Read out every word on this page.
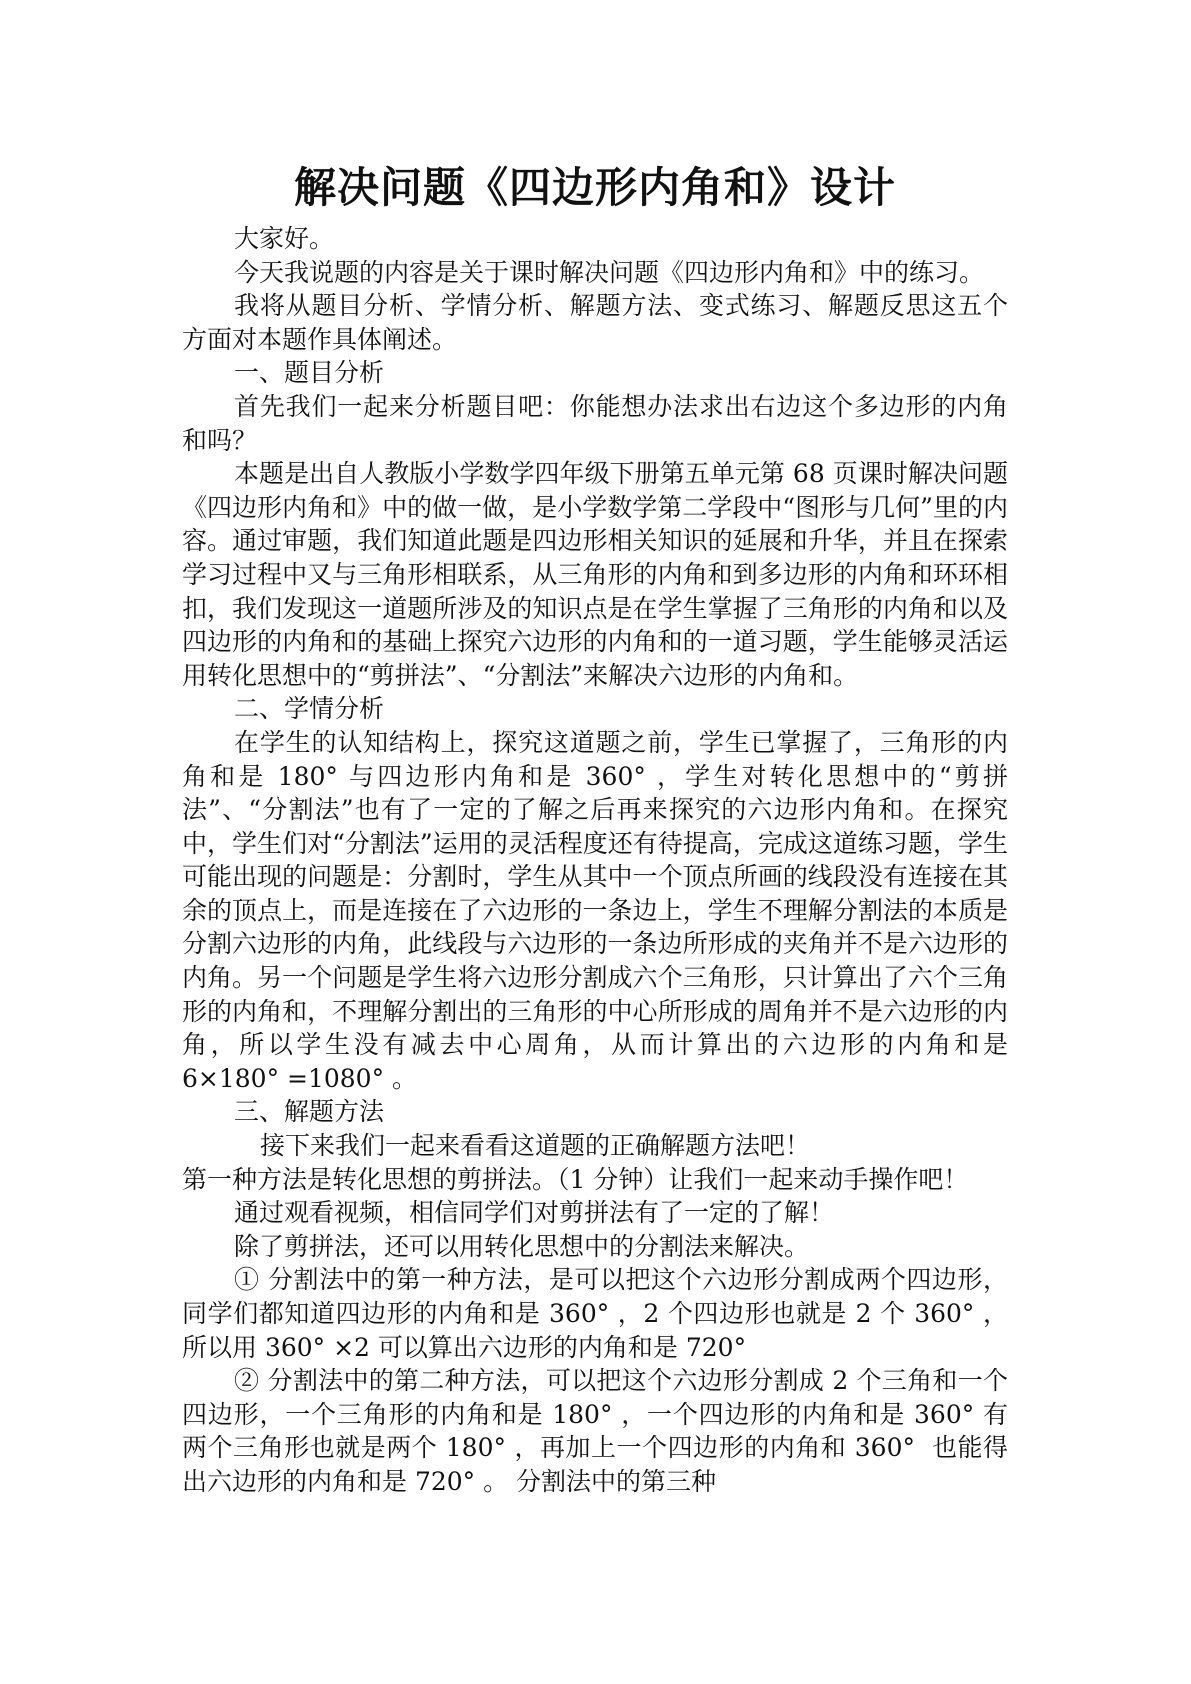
解决问题《四边形内角和》设计

大家好。

今天我说题的内容是关于课时解决问题《四边形内角和》中的练习。

我将从题目分析、学情分析、解题方法、变式练习、解题反思这五个方面对本题作具体阐述。

一、题目分析

首先我们一起来分析题目吧：你能想办法求出右边这个多边形的内角和吗？

本题是出自人教版小学数学四年级下册第五单元第 68 页课时解决问题《四边形内角和》中的做一做，是小学数学第二学段中“图形与几何”里的内容。通过审题，我们知道此题是四边形相关知识的延展和升华，并且在探索学习过程中又与三角形相联系，从三角形的内角和到多边形的内角和环环相扣，我们发现这一道题所涉及的知识点是在学生掌握了三角形的内角和以及四边形的内角和的基础上探究六边形的内角和的一道习题，学生能够灵活运用转化思想中的“剪拼法”、“分割法”来解决六边形的内角和。

二、学情分析

在学生的认知结构上，探究这道题之前，学生已掌握了，三角形的内角和是 180° 与四边形内角和是 360° ，学生对转化思想中的“剪拼法”、“分割法”也有了一定的了解之后再来探究的六边形内角和。在探究中，学生们对“分割法”运用的灵活程度还有待提高，完成这道练习题，学生可能出现的问题是：分割时，学生从其中一个顶点所画的线段没有连接在其余的顶点上，而是连接在了六边形的一条边上，学生不理解分割法的本质是分割六边形的内角，此线段与六边形的一条边所形成的夹角并不是六边形的内角。另一个问题是学生将六边形分割成六个三角形，只计算出了六个三角形的内角和，不理解分割出的三角形的中心所形成的周角并不是六边形的内角，所以学生没有减去中心周角，从而计算出的六边形的内角和是 6×180° =1080° 。

三、解题方法

接下来我们一起来看看这道题的正确解题方法吧！

第一种方法是转化思想的剪拼法。（1 分钟）让我们一起来动手操作吧！

通过观看视频，相信同学们对剪拼法有了一定的了解！

除了剪拼法，还可以用转化思想中的分割法来解决。

① 分割法中的第一种方法，是可以把这个六边形分割成两个四边形，同学们都知道四边形的内角和是 360° ，2 个四边形也就是 2 个 360° ，所以用 360° ×2 可以算出六边形的内角和是 720°

② 分割法中的第二种方法，可以把这个六边形分割成 2 个三角和一个四边形，一个三角形的内角和是 180° ，一个四边形的内角和是 360° 有两个三角形也就是两个 180° ，再加上一个四边形的内角和 360°  也能得出六边形的内角和是 720° 。 分割法中的第三种
